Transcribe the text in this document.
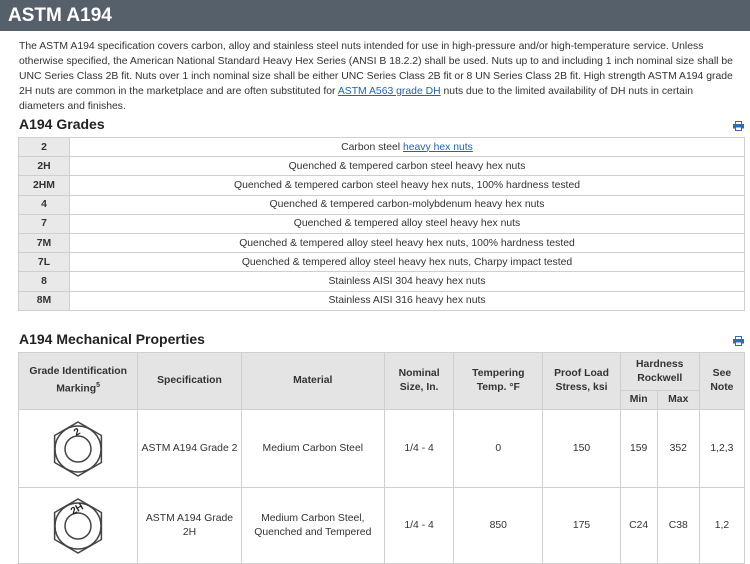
ASTM A194

The ASTM A194 specification covers carbon, alloy and stainless steel nuts intended for use in high-pressure and/or high-temperature service. Unless otherwise specified, the American National Standard Heavy Hex Series (ANSI B 18.2.2) shall be used. Nuts up to and including 1 inch nominal size shall be UNC Series Class 2B fit. Nuts over 1 inch nominal size shall be either UNC Series Class 2B fit or 8 UN Series Class 2B fit. High strength ASTM A194 grade 2H nuts are common in the marketplace and are often substituted for ASTM A563 grade DH nuts due to the limited availability of DH nuts in certain diameters and finishes.

A194 Grades
2	Carbon steel heavy hex nuts
2H	Quenched & tempered carbon steel heavy hex nuts
2HM	Quenched & tempered carbon steel heavy hex nuts, 100% hardness tested
4	Quenched & tempered carbon-molybdenum heavy hex nuts
7	Quenched & tempered alloy steel heavy hex nuts
7M	Quenched & tempered alloy steel heavy hex nuts, 100% hardness tested
7L	Quenched & tempered alloy steel heavy hex nuts, Charpy impact tested
8	Stainless AISI 304 heavy hex nuts
8M	Stainless AISI 316 heavy hex nuts
A194 Mechanical Properties
Grade Identification Marking$^5$	Specification	Material	Nominal Size, In.	Tempering Temp. °F	Proof Load Stress, ksi	Hardness Rockwell		See Note
						Min	Max	

2	ASTM A194 Grade 2	Medium Carbon Steel	1/4 - 4	0	150	159	352	1,2,3

2H	ASTM A194 Grade 2H	Medium Carbon Steel, Quenched and Tempered	1/4 - 4	850	175	C24	C38	1,2
